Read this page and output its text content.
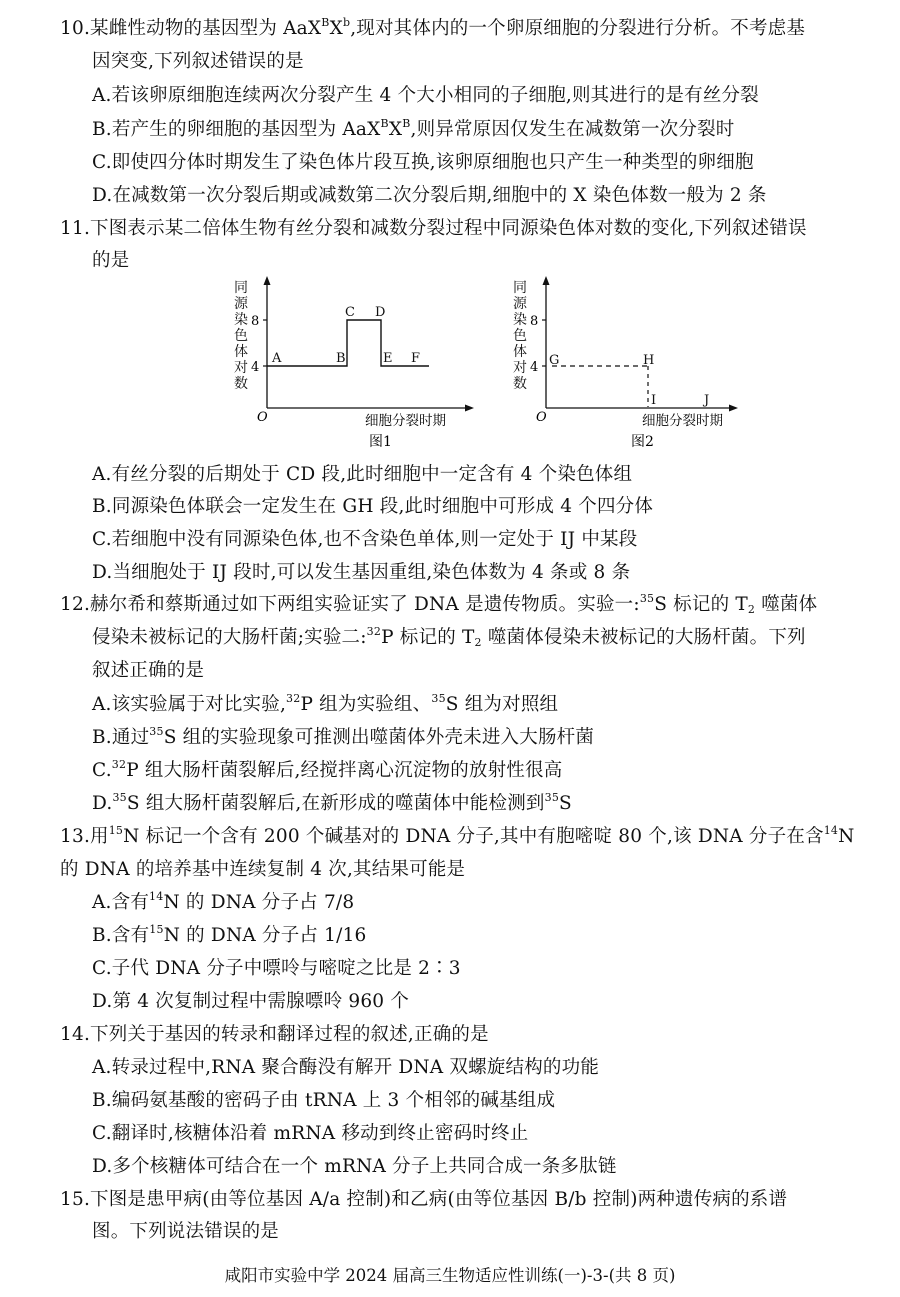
10.某雌性动物的基因型为 $AaX^BX^b$,现对其体内的一个卵原细胞的分裂进行分析。不考虑基
因突变,下列叙述错误的是
A.若该卵原细胞连续两次分裂产生 4 个大小相同的子细胞,则其进行的是有丝分裂
B.若产生的卵细胞的基因型为 $AaX^BX^B$,则异常原因仅发生在减数第一次分裂时
C.即使四分体时期发生了染色体片段互换,该卵原细胞也只产生一种类型的卵细胞
D.在减数第一次分裂后期或减数第二次分裂后期,细胞中的 X 染色体数一般为 2 条
11.下图表示某二倍体生物有丝分裂和减数分裂过程中同源染色体对数的变化,下列叙述错误
的是
同
源
染
色
体
对
数
8
4
O	细胞分裂时期
A	B
C D
E F
图1
同
源
染
色
体
对
数
8
4
O	细胞分裂时期
G	H
I	J
图2
A.有丝分裂的后期处于 CD 段,此时细胞中一定含有 4 个染色体组
B.同源染色体联会一定发生在 GH 段,此时细胞中可形成 4 个四分体
C.若细胞中没有同源染色体,也不含染色单体,则一定处于 IJ 中某段
D.当细胞处于 IJ 段时,可以发生基因重组,染色体数为 4 条或 8 条
12.赫尔希和蔡斯通过如下两组实验证实了 DNA 是遗传物质。实验一:$^{35}$S 标记的 $T_2$ 噬菌体
侵染未被标记的大肠杆菌;实验二:$^{32}$P 标记的 $T_2$ 噬菌体侵染未被标记的大肠杆菌。下列
叙述正确的是
A.该实验属于对比实验,$^{32}$P 组为实验组、$^{35}$S 组为对照组
B.通过$^{35}$S 组的实验现象可推测出噬菌体外壳未进入大肠杆菌
C.$^{32}$P 组大肠杆菌裂解后,经搅拌离心沉淀物的放射性很高
D.$^{35}$S 组大肠杆菌裂解后,在新形成的噬菌体中能检测到$^{35}$S
13.用$^{15}$N 标记一个含有 200 个碱基对的 DNA 分子,其中有胞嘧啶 80 个,该 DNA 分子在含$^{14}$N
的 DNA 的培养基中连续复制 4 次,其结果可能是
A.含有$^{14}$N 的 DNA 分子占 7/8
B.含有$^{15}$N 的 DNA 分子占 1/16
C.子代 DNA 分子中嘌呤与嘧啶之比是 2∶3
D.第 4 次复制过程中需腺嘌呤 960 个
14.下列关于基因的转录和翻译过程的叙述,正确的是
A.转录过程中,RNA 聚合酶没有解开 DNA 双螺旋结构的功能
B.编码氨基酸的密码子由 tRNA 上 3 个相邻的碱基组成
C.翻译时,核糖体沿着 mRNA 移动到终止密码时终止
D.多个核糖体可结合在一个 mRNA 分子上共同合成一条多肽链
15.下图是患甲病(由等位基因 A/a 控制)和乙病(由等位基因 B/b 控制)两种遗传病的系谱
图。下列说法错误的是
咸阳市实验中学 2024 届高三生物适应性训练(一)-3-(共 8 页)
